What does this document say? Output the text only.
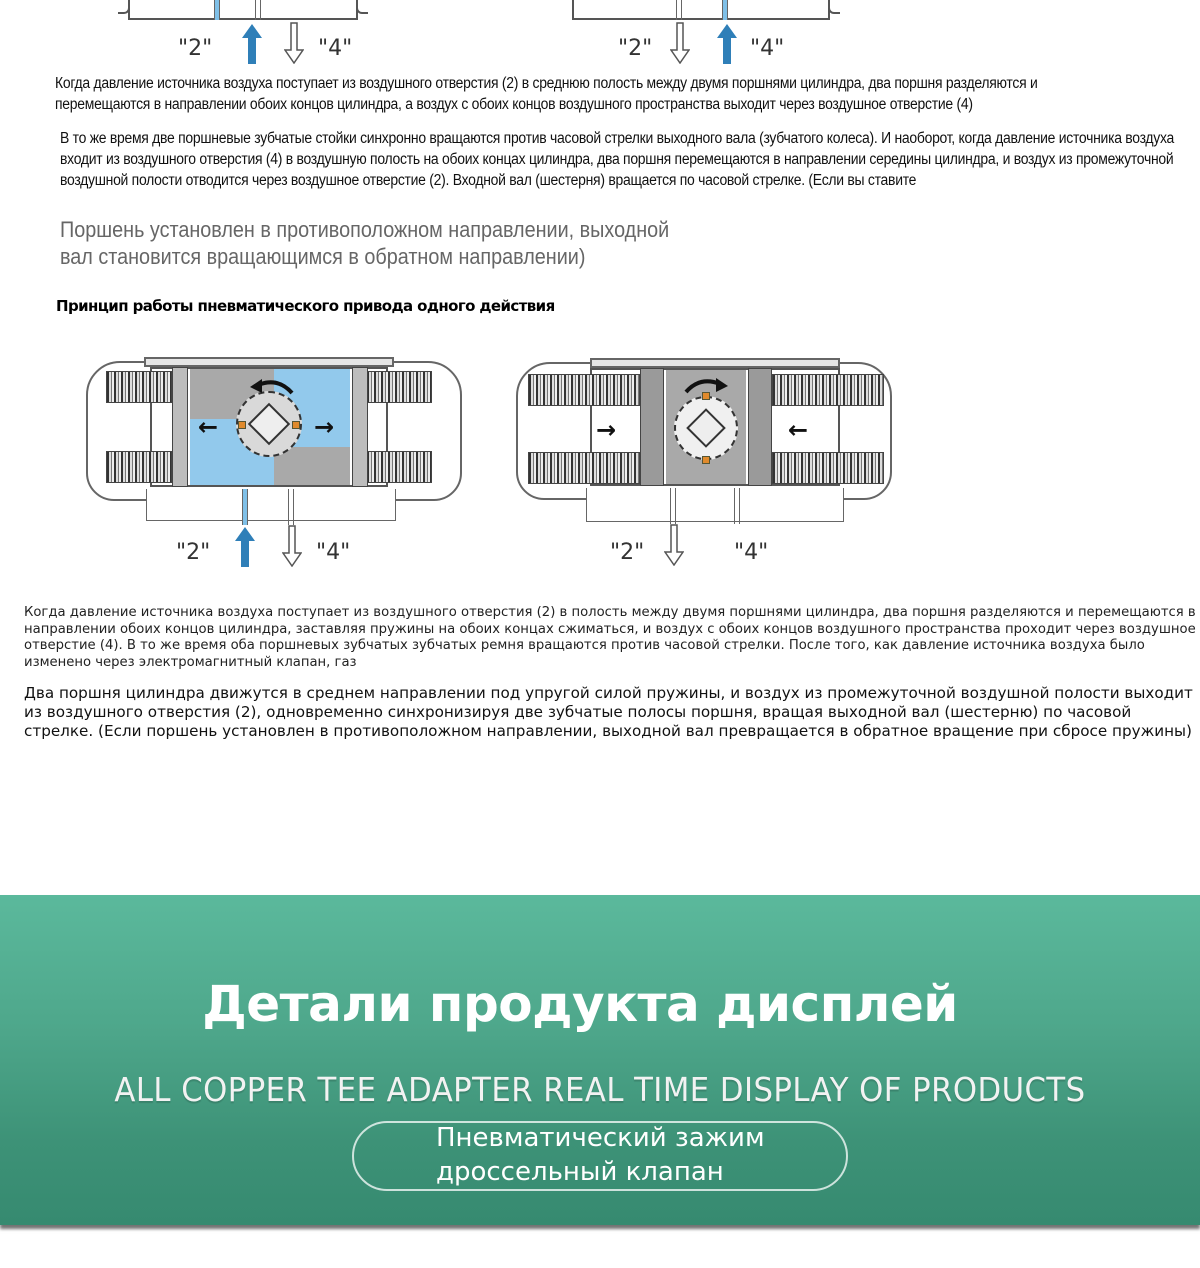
"2"	"4"	"2"	"4"

Когда давление источника воздуха поступает из воздушного отверстия (2) в среднюю полость между двумя поршнями цилиндра, два поршня разделяются и перемещаются в направлении обоих концов цилиндра, а воздух с обоих концов воздушного пространства выходит через воздушное отверстие (4)

В то же время две поршневые зубчатые стойки синхронно вращаются против часовой стрелки выходного вала (зубчатого колеса). И наоборот, когда давление источника воздуха входит из воздушного отверстия (4) в воздушную полость на обоих концах цилиндра, два поршня перемещаются в направлении середины цилиндра, и воздух из промежуточной воздушной полости отводится через воздушное отверстие (2). Входной вал (шестерня) вращается по часовой стрелке. (Если вы ставите

Поршень установлен в противоположном направлении, выходной вал становится вращающимся в обратном направлении)

Принцип работы пневматического привода одного действия
←	→
"2"	"4"
→	←
"2"	"4"

Когда давление источника воздуха поступает из воздушного отверстия (2) в полость между двумя поршнями цилиндра, два поршня разделяются и перемещаются в направлении обоих концов цилиндра, заставляя пружины на обоих концах сжиматься, и воздух с обоих концов воздушного пространства проходит через воздушное отверстие (4). В то же время оба поршневых зубчатых зубчатых ремня вращаются против часовой стрелки. После того, как давление источника воздуха было изменено через электромагнитный клапан, газ

Два поршня цилиндра движутся в среднем направлении под упругой силой пружины, и воздух из промежуточной воздушной полости выходит из воздушного отверстия (2), одновременно синхронизируя две зубчатые полосы поршня, вращая выходной вал (шестерню) по часовой стрелке. (Если поршень установлен в противоположном направлении, выходной вал превращается в обратное вращение при сбросе пружины)

Детали продукта дисплей
ALL COPPER TEE ADAPTER REAL TIME DISPLAY OF PRODUCTS
Пневматический зажим
дроссельный клапан
